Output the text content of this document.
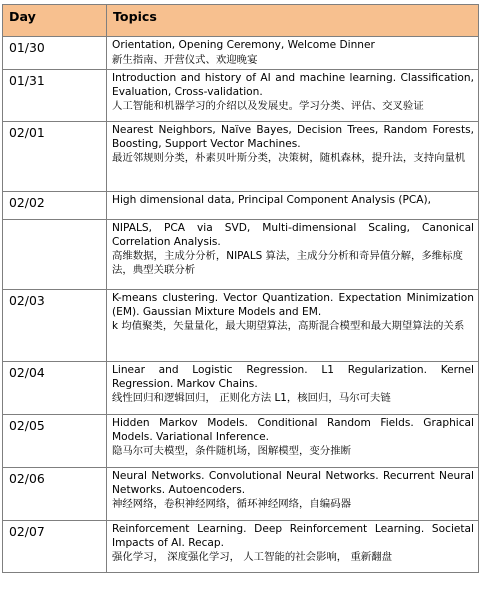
Day	Topics
01/30	Orientation, Opening Ceremony, Welcome Dinner
新生指南、开营仪式、欢迎晚宴

01/31	Introduction and history of AI and machine learning. Classification, Evaluation, Cross-validation.
人工智能和机器学习的介绍以及发展史。学习分类、评估、交叉验证

02/01	Nearest Neighbors, Naïve Bayes, Decision Trees, Random Forests, Boosting, Support Vector Machines.
最近邻规则分类，朴素贝叶斯分类，决策树，随机森林，提升法，支持向量机

02/02	High dimensional data, Principal Component Analysis (PCA),

	NIPALS, PCA via SVD, Multi-dimensional Scaling, Canonical Correlation Analysis.
高维数据，主成分分析，NIPALS 算法，主成分分析和奇异值分解，多维标度法，典型关联分析

02/03	K-means clustering. Vector Quantization. Expectation Minimization (EM). Gaussian Mixture Models and EM.
k 均值聚类，矢量量化，最大期望算法，高斯混合模型和最大期望算法的关系

02/04	Linear and Logistic Regression. L1 Regularization. Kernel Regression. Markov Chains.
线性回归和逻辑回归， 正则化方法 L1，核回归，马尔可夫链

02/05	Hidden Markov Models. Conditional Random Fields. Graphical Models. Variational Inference.
隐马尔可夫模型，条件随机场，图解模型，变分推断

02/06	Neural Networks. Convolutional Neural Networks. Recurrent Neural Networks. Autoencoders.
神经网络，卷积神经网络，循环神经网络，自编码器

02/07	Reinforcement Learning. Deep Reinforcement Learning. Societal Impacts of AI. Recap.
强化学习， 深度强化学习， 人工智能的社会影响， 重新翻盘
